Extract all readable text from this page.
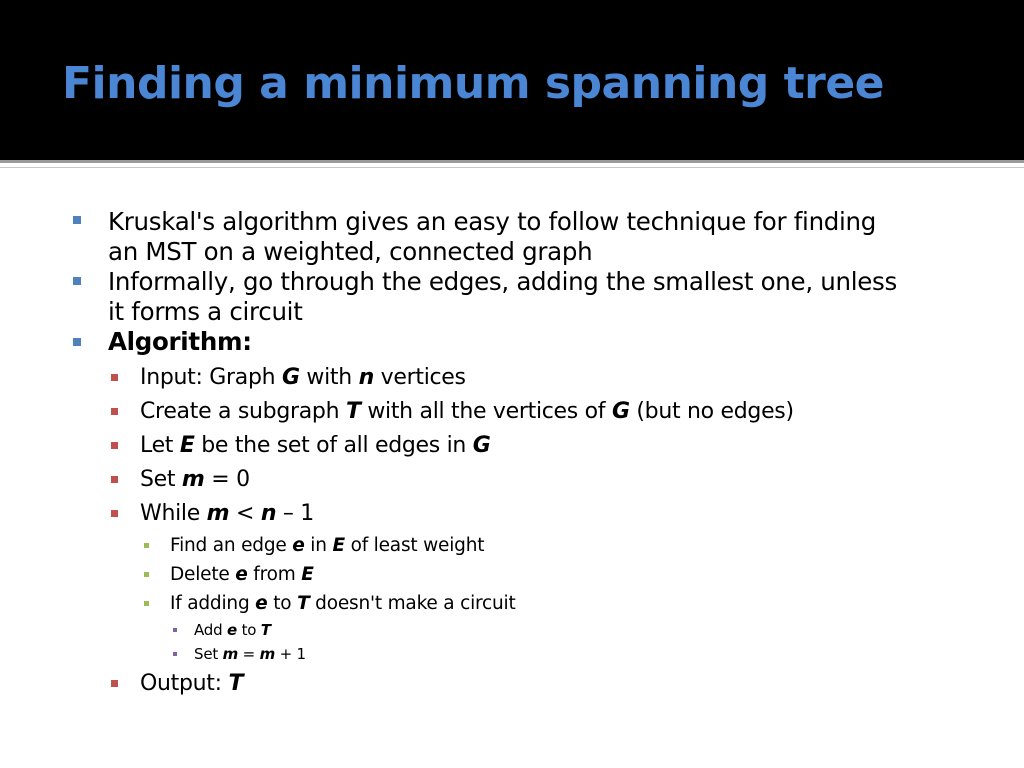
Finding a minimum spanning tree
Kruskal's algorithm gives an easy to follow technique for finding
an MST on a weighted, connected graph
Informally, go through the edges, adding the smallest one, unless
it forms a circuit
Algorithm:
Input: Graph G with n vertices
Create a subgraph T with all the vertices of G (but no edges)
Let E be the set of all edges in G
Set m = 0
While m < n – 1
Find an edge e in E of least weight
Delete e from E
If adding e to T doesn't make a circuit
Add e to T
Set m = m + 1
Output: T
